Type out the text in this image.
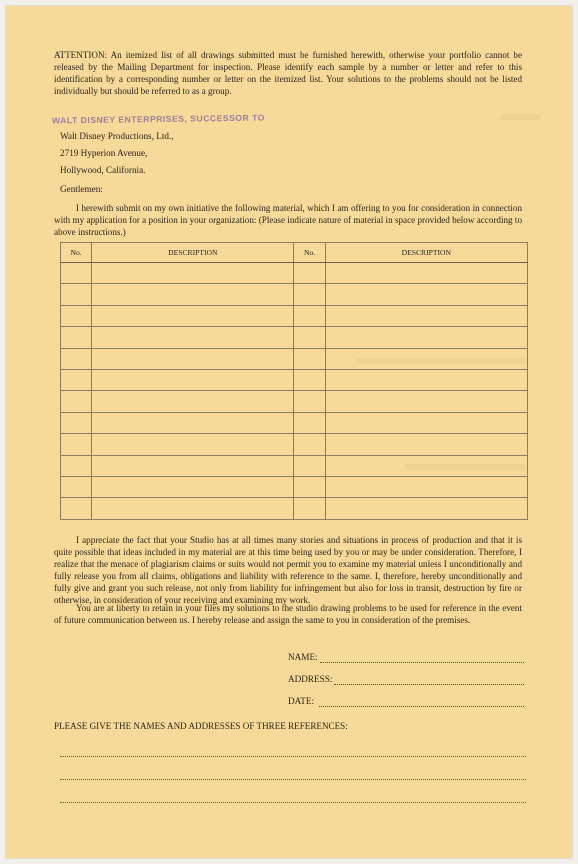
ATTENTION: An itemized list of all drawings submitted must be furnished herewith, otherwise your portfolio cannot be released by the Mailing Department for inspection. Please identify each sample by a number or letter and refer to this identification by a corresponding number or letter on the itemized list. Your solutions to the problems should not be listed individually but should be referred to as a group.
WALT DISNEY ENTERPRISES, SUCCESSOR TO
Walt Disney Productions, Ltd.,
2719 Hyperion Avenue,
Hollywood, California.
Gentlemen:
I herewith submit on my own initiative the following material, which I am offering to you for consideration in connection with my application for a position in your organization: (Please indicate nature of material in space provided below according to above instructions.)
No.	DESCRIPTION	No.	DESCRIPTION

I appreciate the fact that your Studio has at all times many stories and situations in process of production and that it is quite possible that ideas included in my material are at this time being used by you or may be under consideration. Therefore, I realize that the menace of plagiarism claims or suits would not permit you to examine my material unless I unconditionally and fully release you from all claims, obligations and liability with reference to the same. I, therefore, hereby unconditionally and fully give and grant you such release, not only from liability for infringement but also for loss in transit, destruction by fire or otherwise, in consideration of your receiving and examining my work.
You are at liberty to retain in your files my solutions to the studio drawing problems to be used for reference in the event of future communication between us. I hereby release and assign the same to you in consideration of the premises.
NAME:
ADDRESS:
DATE:
PLEASE GIVE THE NAMES AND ADDRESSES OF THREE REFERENCES:
